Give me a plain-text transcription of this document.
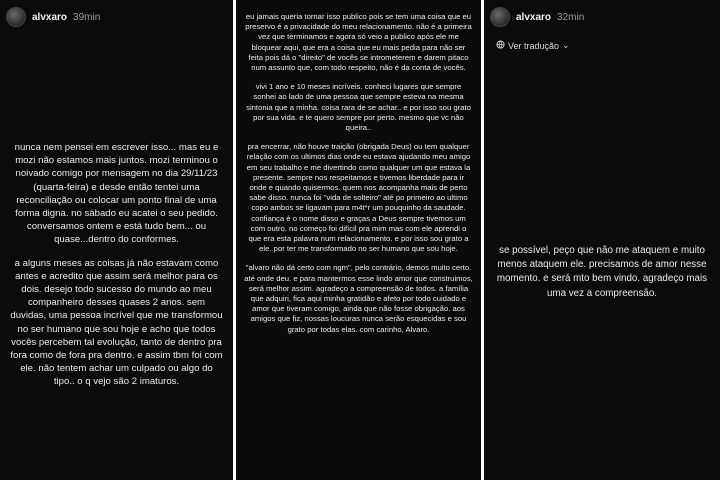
alvxaro 39min

nunca nem pensei em escrever isso... mas eu e mozi não estamos mais juntos. mozi terminou o noivado comigo por mensagem no dia 29/11/23 (quarta-feira) e desde então tentei uma reconciliação ou colocar um ponto final de uma forma digna. no sábado eu acatei o seu pedido. conversamos ontem e está tudo bem... ou quase...dentro do conformes.

a alguns meses as coisas já não estavam como antes e acredito que assim será melhor para os dois. desejo todo sucesso do mundo ao meu companheiro desses quases 2 anos. sem duvidas, uma pessoa incrível que me transformou no ser humano que sou hoje e acho que todos vocês percebem tal evolução, tanto de dentro pra fora como de fora pra dentro. e assim tbm foi com ele. não tentem achar um culpado ou algo do tipo.. o q vejo são 2 imaturos.

eu jamais queria tornar isso publico pois se tem uma coisa que eu preservo é a privacidade do meu relacionamento. não é a primeira vez que terminamos e agora só veio a publico após ele me bloquear aqui, que era a coisa que eu mais pedia para não ser feita pois dá o "direito" de vocês se intrometerem e darem pitaco num assunto que, com todo respeito, não é da conta de vocês.

vivi 1 ano e 10 meses incríveis. conheci lugares que sempre sonhei ao lado de uma pessoa que sempre esteva na mesma sintonia que a minha. coisa rara de se achar.. e por isso sou grato por sua vida. e te quero sempre por perto. mesmo que vc não queira..

pra encerrar, não houve traição (obrigada Deus) ou tem qualquer relação com os ultimos dias onde eu estava ajudando meu amigo em seu trabalho e me divertindo como qualquer um que estava la presente. sempre nos respeitamos e tivemos liberdade para ir onde e quando quisermos. quem nos acompanha mais de perto sabe disso. nunca foi "vida de solteiro" até po primeiro ao ultimo copo ambos se ligavam para m4t*r um pouquinho da saudade. confiança é o nome disso e graças a Deus sempre tivemos um com outro. no começo foi difícil pra mim mas com ele aprendi o que era esta palavra num relacionamento. e por isso sou grato a ele. por ter me transformado no ser humano que sou hoje.

"alvaro não dá certo com ngm", pelo contrário, demos muito certo. até onde deu. e para mantermos esse lindo amor que construimos, será melhor assim. agradeço a compreensão de todos. a família que adquiri, fica aqui minha gratidão e afeto por todo cuidado e amor que tiveram comigo, ainda que não fosse obrigação. aos amigos que fiz, nossas loucuras nunca serão esquecidas e sou grato por todas elas. com carinho, Alvaro.

alvxaro 32min
Ver tradução ⌄

se possível, peço que não me ataquem e muito menos ataquem ele. precisamos de amor nesse momento. e será mto bem vindo. agradeço mais uma vez a compreensão.
